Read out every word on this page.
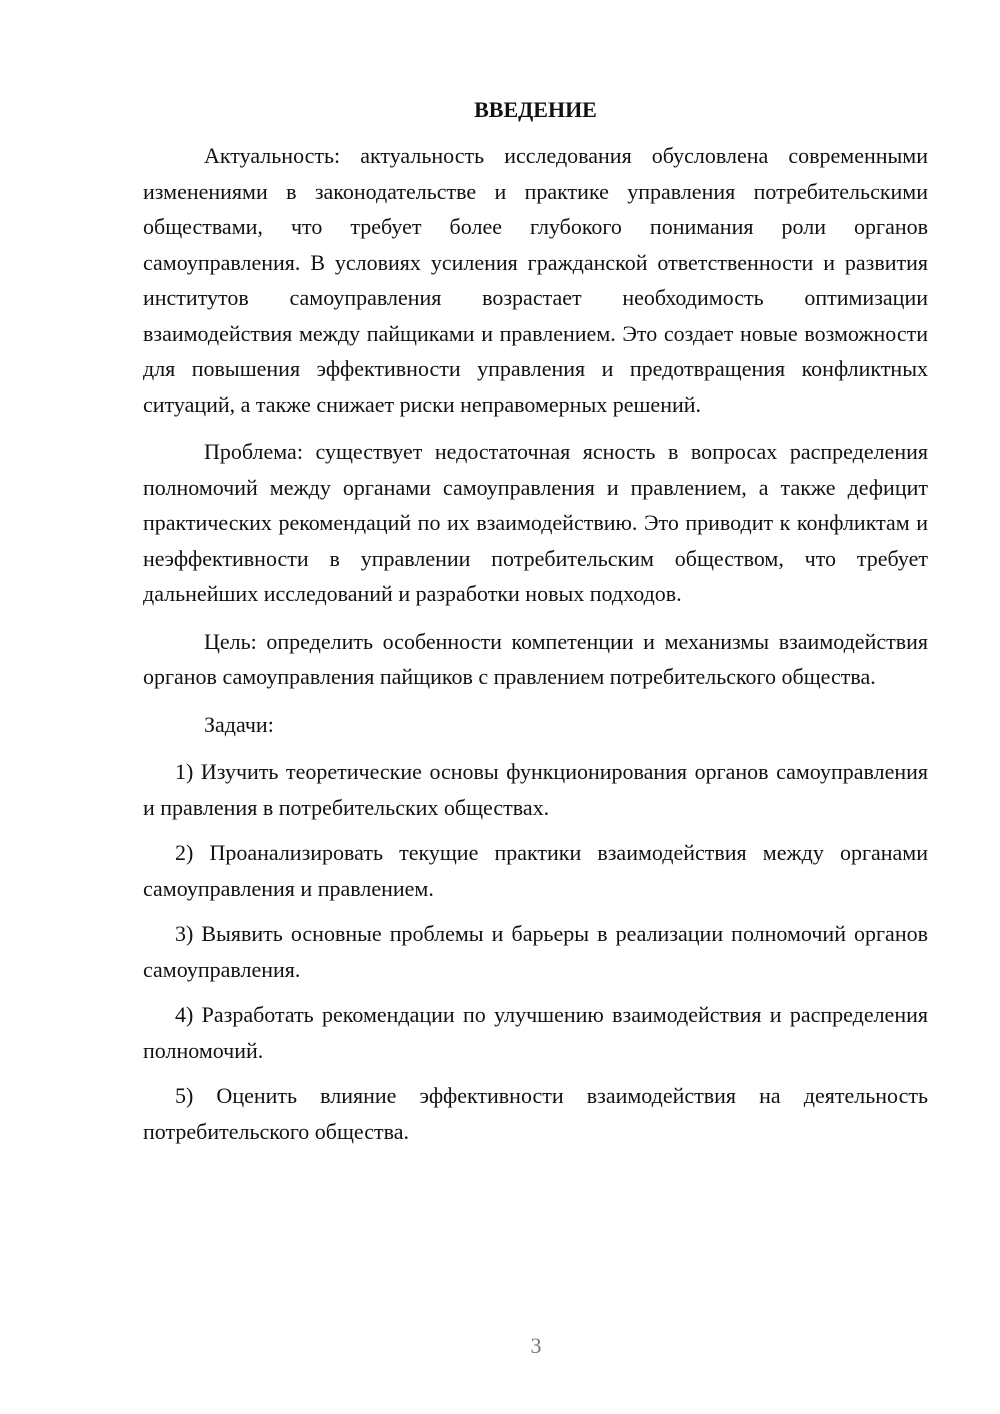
ВВЕДЕНИЕ

Актуальность: актуальность исследования обусловлена современными изменениями в законодательстве и практике управления потребительскими обществами, что требует более глубокого понимания роли органов самоуправления. В условиях усиления гражданской ответственности и развития институтов самоуправления возрастает необходимость оптимизации взаимодействия между пайщиками и правлением. Это создает новые возможности для повышения эффективности управления и предотвращения конфликтных ситуаций, а также снижает риски неправомерных решений.

Проблема: существует недостаточная ясность в вопросах распределения полномочий между органами самоуправления и правлением, а также дефицит практических рекомендаций по их взаимодействию. Это приводит к конфликтам и неэффективности в управлении потребительским обществом, что требует дальнейших исследований и разработки новых подходов.

Цель: определить особенности компетенции и механизмы взаимодействия органов самоуправления пайщиков с правлением потребительского общества.

Задачи:

1) Изучить теоретические основы функционирования органов самоуправления и правления в потребительских обществах.

2) Проанализировать текущие практики взаимодействия между органами самоуправления и правлением.

3) Выявить основные проблемы и барьеры в реализации полномочий органов самоуправления.

4) Разработать рекомендации по улучшению взаимодействия и распределения полномочий.

5) Оценить влияние эффективности взаимодействия на деятельность потребительского общества.

3
